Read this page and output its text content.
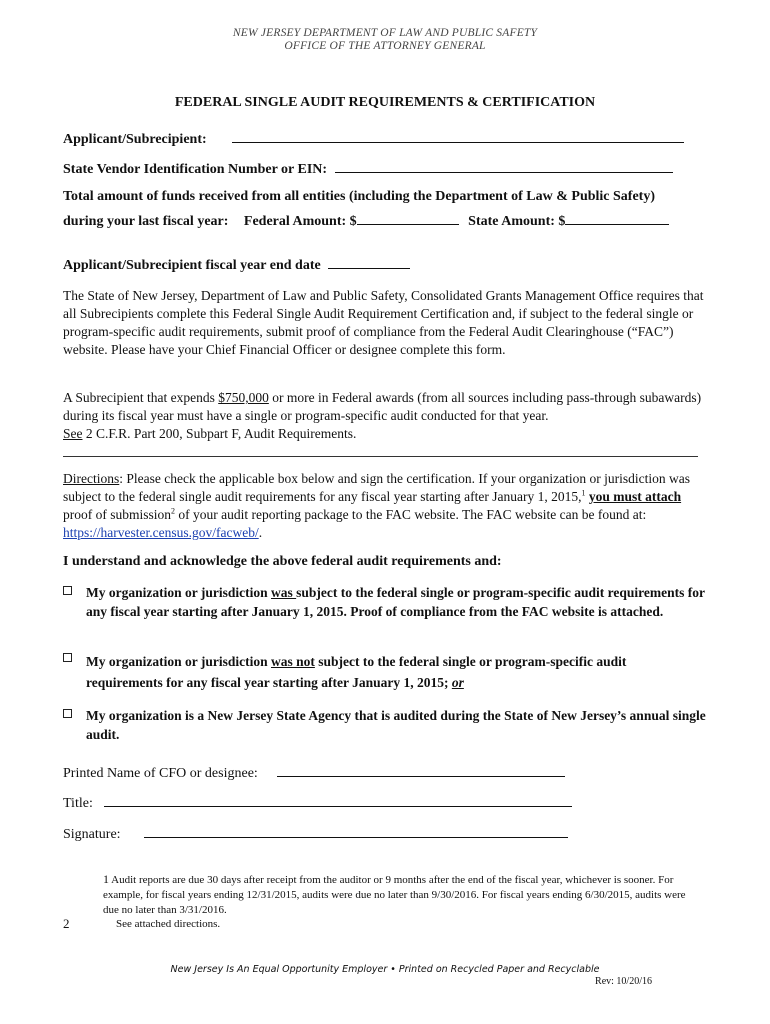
NEW JERSEY DEPARTMENT OF LAW AND PUBLIC SAFETY
OFFICE OF THE ATTORNEY GENERAL
FEDERAL SINGLE AUDIT REQUIREMENTS & CERTIFICATION
Applicant/Subrecipient:
State Vendor Identification Number or EIN:
Total amount of funds received from all entities (including the Department of Law & Public Safety)
during your last fiscal year: Federal Amount: $	State Amount: $
Applicant/Subrecipient fiscal year end date
The State of New Jersey, Department of Law and Public Safety, Consolidated Grants Management Office requires that all Subrecipients complete this Federal Single Audit Requirement Certification and, if subject to the federal single or program-specific audit requirements, submit proof of compliance from the Federal Audit Clearinghouse (“FAC”) website. Please have your Chief Financial Officer or designee complete this form.
A Subrecipient that expends $750,000 or more in Federal awards (from all sources including pass-through subawards) during its fiscal year must have a single or program-specific audit conducted for that year.
See 2 C.F.R. Part 200, Subpart F, Audit Requirements.
Directions: Please check the applicable box below and sign the certification. If your organization or jurisdiction was subject to the federal single audit requirements for any fiscal year starting after January 1, 2015,$^1$ you must attach proof of submission$^2$ of your audit reporting package to the FAC website. The FAC website can be found at: https://harvester.census.gov/facweb/.
I understand and acknowledge the above federal audit requirements and:
My organization or jurisdiction was subject to the federal single or program-specific audit requirements for any fiscal year starting after January 1, 2015. Proof of compliance from the FAC website is attached.
My organization or jurisdiction was not subject to the federal single or program-specific audit requirements for any fiscal year starting after January 1, 2015; or
My organization is a New Jersey State Agency that is audited during the State of New Jersey’s annual single audit.
Printed Name of CFO or designee:
Title:
Signature:
1 Audit reports are due 30 days after receipt from the auditor or 9 months after the end of the fiscal year, whichever is sooner. For example, for fiscal years ending 12/31/2015, audits were due no later than 9/30/2016. For fiscal years ending 6/30/2015, audits were due no later than 3/31/2016.
2	See attached directions.
New Jersey Is An Equal Opportunity Employer • Printed on Recycled Paper and Recyclable
Rev: 10/20/16
